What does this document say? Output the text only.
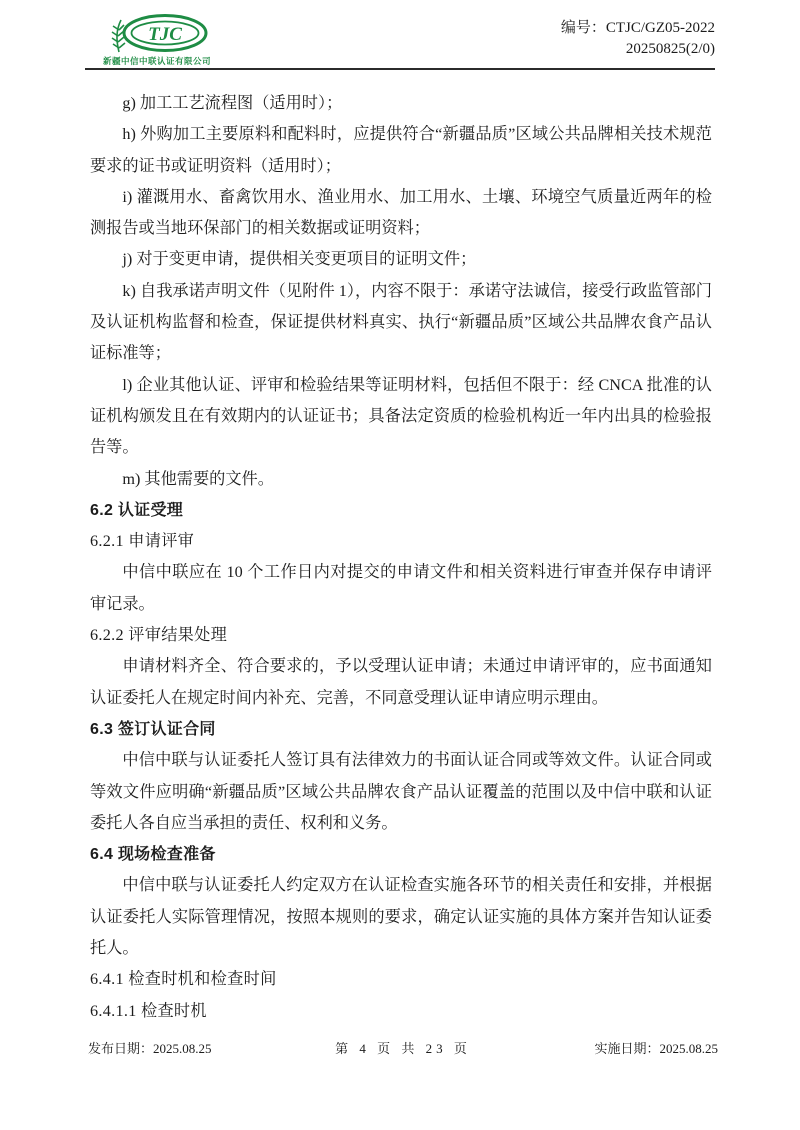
TJC
新疆中信中联认证有限公司
编号：CTJC/GZ05-2022
20250825(2/0)

g) 加工工艺流程图（适用时）；

h) 外购加工主要原料和配料时，应提供符合“新疆品质”区域公共品牌相关技术规范要求的证书或证明资料（适用时）；

i) 灌溉用水、畜禽饮用水、渔业用水、加工用水、土壤、环境空气质量近两年的检测报告或当地环保部门的相关数据或证明资料；

j) 对于变更申请，提供相关变更项目的证明文件；

k) 自我承诺声明文件（见附件 1），内容不限于：承诺守法诚信，接受行政监管部门及认证机构监督和检查，保证提供材料真实、执行“新疆品质”区域公共品牌农食产品认证标准等；

l) 企业其他认证、评审和检验结果等证明材料，包括但不限于：经 CNCA 批准的认证机构颁发且在有效期内的认证证书；具备法定资质的检验机构近一年内出具的检验报告等。

m) 其他需要的文件。

6.2 认证受理

6.2.1 申请评审

中信中联应在 10 个工作日内对提交的申请文件和相关资料进行审查并保存申请评审记录。

6.2.2 评审结果处理

申请材料齐全、符合要求的，予以受理认证申请；未通过申请评审的，应书面通知认证委托人在规定时间内补充、完善，不同意受理认证申请应明示理由。

6.3 签订认证合同

中信中联与认证委托人签订具有法律效力的书面认证合同或等效文件。认证合同或等效文件应明确“新疆品质”区域公共品牌农食产品认证覆盖的范围以及中信中联和认证委托人各自应当承担的责任、权利和义务。

6.4 现场检查准备

中信中联与认证委托人约定双方在认证检查实施各环节的相关责任和安排，并根据认证委托人实际管理情况，按照本规则的要求，确定认证实施的具体方案并告知认证委托人。

6.4.1 检查时机和检查时间

6.4.1.1 检查时机

发布日期：2025.08.25	第 4 页 共 23 页	实施日期：2025.08.25
